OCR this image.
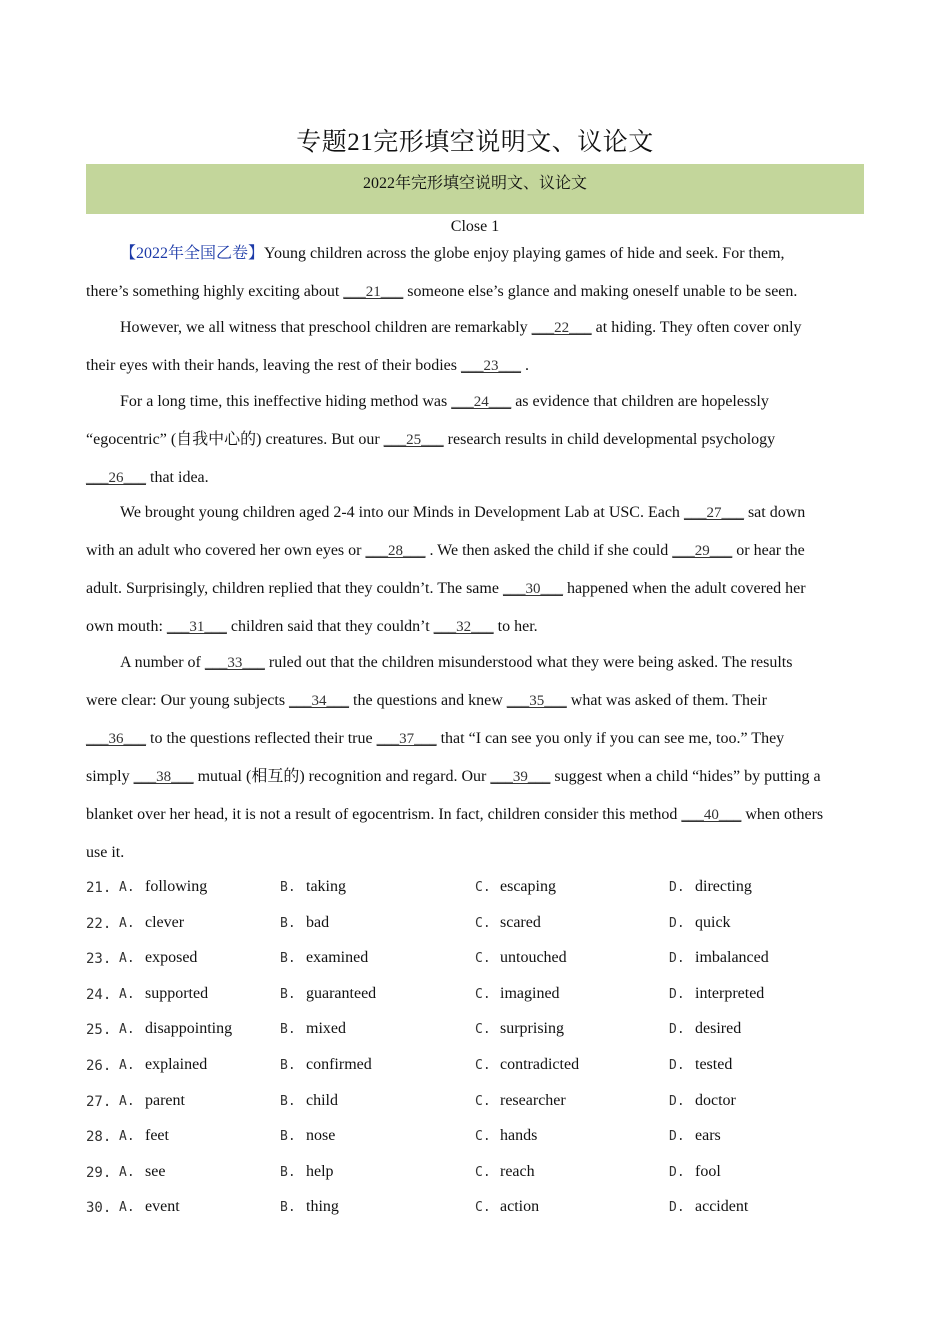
专题21完形填空说明文、议论文
2022年完形填空说明文、议论文
Close 1
【2022年全国乙卷】Young children across the globe enjoy playing games of hide and seek. For them,
there’s something highly exciting about ___21___ someone else’s glance and making oneself unable to be seen.
However, we all witness that preschool children are remarkably ___22___ at hiding. They often cover only
their eyes with their hands, leaving the rest of their bodies ___23___ .
For a long time, this ineffective hiding method was ___24___ as evidence that children are hopelessly
“egocentric” (自我中心的) creatures. But our ___25___ research results in child developmental psychology
___26___ that idea.
We brought young children aged 2-4 into our Minds in Development Lab at USC. Each ___27___ sat down
with an adult who covered her own eyes or ___28___ . We then asked the child if she could ___29___ or hear the
adult. Surprisingly, children replied that they couldn’t. The same ___30___ happened when the adult covered her
own mouth: ___31___ children said that they couldn’t ___32___ to her.
A number of ___33___ ruled out that the children misunderstood what they were being asked. The results
were clear: Our young subjects ___34___ the questions and knew ___35___ what was asked of them. Their
___36___ to the questions reflected their true ___37___ that “I can see you only if you can see me, too.” They
simply ___38___ mutual (相互的) recognition and regard. Our ___39___ suggest when a child “hides” by putting a
blanket over her head, it is not a result of egocentrism. In fact, children consider this method ___40___ when others
use it.
21. A. following	B. taking	C. escaping	D. directing
22. A. clever	B. bad	C. scared	D. quick
23. A. exposed	B. examined	C. untouched	D. imbalanced
24. A. supported	B. guaranteed	C. imagined	D. interpreted
25. A. disappointing	B. mixed	C. surprising	D. desired
26. A. explained	B. confirmed	C. contradicted	D. tested
27. A. parent	B. child	C. researcher	D. doctor
28. A. feet	B. nose	C. hands	D. ears
29. A. see	B. help	C. reach	D. fool
30. A. event	B. thing	C. action	D. accident
